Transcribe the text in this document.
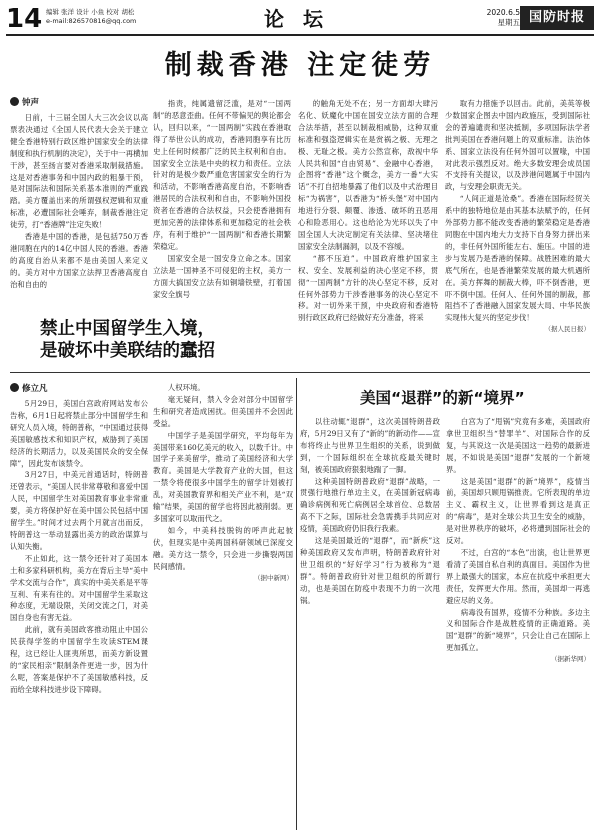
14 编辑 张洋 设计 小鱼 校对 胡松
e-mail:826570816@qq.com	论 坛	2020.6.5
星期五 国防时报
制裁香港 注定徒劳
钟声

日前，十三届全国人大三次会议以高票表决通过《全国人民代表大会关于建立健全香港特别行政区维护国家安全的法律制度和执行机制的决定》，关于中一再横加干涉，甚至扬言要对香港采取制裁措施。这是对香港事务和中国内政的粗暴干预，是对国际法和国际关系基本准则的严重践踏。美方覆盖出来的所谓强权逻辑和双重标准，必遭国际社会唾弃，制裁香港注定徒劳，打“香港牌”注定失败！

香港是中国的香港，是包括750万香港同胞在内的14亿中国人民的香港。香港的高度自治从来都不是由美国人来定义的。美方对中方国家立法捍卫香港高度自治和自由的

指责，纯属遗留泛滥，是对“一国两制”的恶意歪曲。任何不带偏见的舆论都会认，回归以来，“一国两制”实践在香港取得了举世公认的成功，香港同胞享有比历史上任何时候都广泛的民主权利和自由。国家安全立法是中央的权力和责任。立法针对的是极少数严重危害国家安全的行为和活动，不影响香港高度自治，不影响香港居民的合法权利和自由，不影响外国投资者在香港的合法权益，只会使香港拥有更加完善的法律体系和更加稳定的社会秩序，有利于维护“一国两制”和香港长期繁荣稳定。

国家安全是一国安身立命之本。国家立法是一国神圣不可侵犯的主权，美方一方面大搞国安立法有如铜墙铁壁，打着国家安全旗号

的触角无处不在；另一方面却大肆污名化、妖魔化中国在国安立法方面的合理合法举措，甚至以制裁相威胁，这种双重标准和强盗逻辑实在是赏祸之极、无理之极、无耻之极。美方公然宣称，敌视中华人民共和国“自由贸易”、金融中心香港，企图将“香港”这个概念，美方一番“大实话”不打自招地暴露了他们以及中式治理目标“为祸害”，以香港为“桥头堡”对中国内地进行分裂、颠覆、渗透、破坏的丑恶用心和险恶用心。这也给沦为光环以失了中国全国人大决定制定有关法律、坚决堵住国家安全法制漏洞，以及不容缓。

“都不压迫”。中国政府维护国家主权、安全、发展利益的决心坚定不移，贯彻“一国两制”方针的决心坚定不移，反对任何外部势力干涉香港事务的决心坚定不移。对一切外来干预，中央政府和香港特别行政区政府已经做好充分准备，将采

取有力措施予以回击。此前，美英等极少数国家企图去中国内政施压，受到国际社会的普遍谴责和坚决抵制，多项国际法学者批判美国在香港问题上的双重标准。法治体系、国家立法没有任何外国可以置喙，中国对此表示强烈反对。绝大多数安理会成员国不支持有关提议，以及涉港问题属于中国内政，与安理会职责无关。

“人间正道是沧桑”。香港在国际经贸关系中的独特地位是由其基本法赋予的，任何外部势力都不能改变香港的繁荣稳定是香港同胞在中国内地大力支持下自身努力拼出来的，非任何外国所能左右、施压。中国的进步与发展乃是香港的保障。战胜困难的最大底气所在，也是香港繁荣发展的最大机遇所在。美方挥舞的制裁大棒，吓不倒香港，更吓不倒中国。任何人、任何外国的制裁，都阻挡不了香港融入国家发展大局、中华民族实现伟大复兴的坚定步伐！

（据人民日报）
禁止中国留学生入境，
是破坏中美联结的蠢招
修立凡

5月29日，美国白宫政府网站发布公告称，6月1日起将禁止部分中国留学生和研究人员入境，特朗普称，“中国通过获得美国敏感技术和知识产权，威胁到了美国经济的长期活力，以及美国民众的安全保障”，因此发布该禁令。

3月27日，中美元首通话时，特朗普还曾表示，“美国人民非常尊敬和喜爱中国人民，中国留学生对美国教育事业非常重要，美方将保护好在美中国公民包括中国留学生。”时间才过去两个月就言出而反，特朗普这一举动显露出美方的政治谋算与认知失衡。

不止如此，这一禁令还针对了美国本土和多家科研机构，美方在背后主导“美中学术交流与合作”，真实的中美关系是平等互利、有来有往的。对中国留学生采取这种态度，无端设限，关闭交流之门，对美国自身也有害无益。

此前，就有美国政客推动阻止中国公民获得学签的中国留学生攻读STEM课程，这已经让人匪夷所思，而美方新设置的“家民相亲”限制条件更进一步，因为什么呢，答案是保护不了美国敏感科技，反而给全球科技进步设下障碍。

人权环境。

毫无疑问，禁入令会对部分中国留学生和研究者造成困扰。但美国并不会因此受益。

中国学子是美国学研究，平均每年为美国带来160亿美元的收入，以数千计。中国学子来美留学，推动了美国经济和大学教育。美国是大学教育产业的大国，但这一禁令将使很多中国学生的留学计划被打乱，对美国教育界和相关产业不利，是“双输”结果，美国的留学也将因此被削弱。更多国家可以取而代之。

如今，中美科技脱钩的呼声此起彼伏，但现实是中美两国科研领域已深度交融。美方这一禁令，只会进一步撕裂两国民间感情。

（据中新网）
美国“退群”的新“境界”

以往动辄“退群”，这次美国特朗普政府，5月29日又有了“新的”的新动作——宣布将终止与世界卫生组织的关系，说到做到，一个国际组织在全球抗疫最关键时刻，被美国政府狠狠地踹了一脚。

这种美国特朗普政府“退群”战略，一贯强行地推行单边主义，在美国新冠病毒确诊病例和死亡病例居全球首位、总数居高不下之际，国际社会急需携手共同应对疫情，美国政府仍旧我行我素。

这是美国最近的“退群”，而“新疾”这种美国政府又发布声明，特朗普政府针对世卫组织的“好好学习”行为被称为“退群”。特朗普政府针对世卫组织的所谓行动，也是美国在防疫中表现不力的一次甩锅。

白宫为了“甩锅”究竟有多难，美国政府拿世卫组织当“替罪羊”、对国际合作的反复，与其说这一次是美国这一趋势的最新进展，不如说是美国“退群”发展的一个新境界。

这是美国“退群”的新“境界”，疫情当前，美国却只顾甩锅推责。它所表现的单边主义、霸权主义，让世界看到这是真正的“病毒”，是对全球公共卫生安全的威胁，是对世界秩序的破坏，必将遭到国际社会的反对。

不过，白宫的“本色”出演，也让世界更看清了美国自私自利的真面目。美国作为世界上最强大的国家，本应在抗疫中承担更大责任，发挥更大作用。然而，美国却一再逃避应尽的义务。

病毒没有国界，疫情不分种族。多边主义和国际合作是战胜疫情的正确道路。美国“退群”的新“境界”，只会让自己在国际上更加孤立。

（据新华网）
